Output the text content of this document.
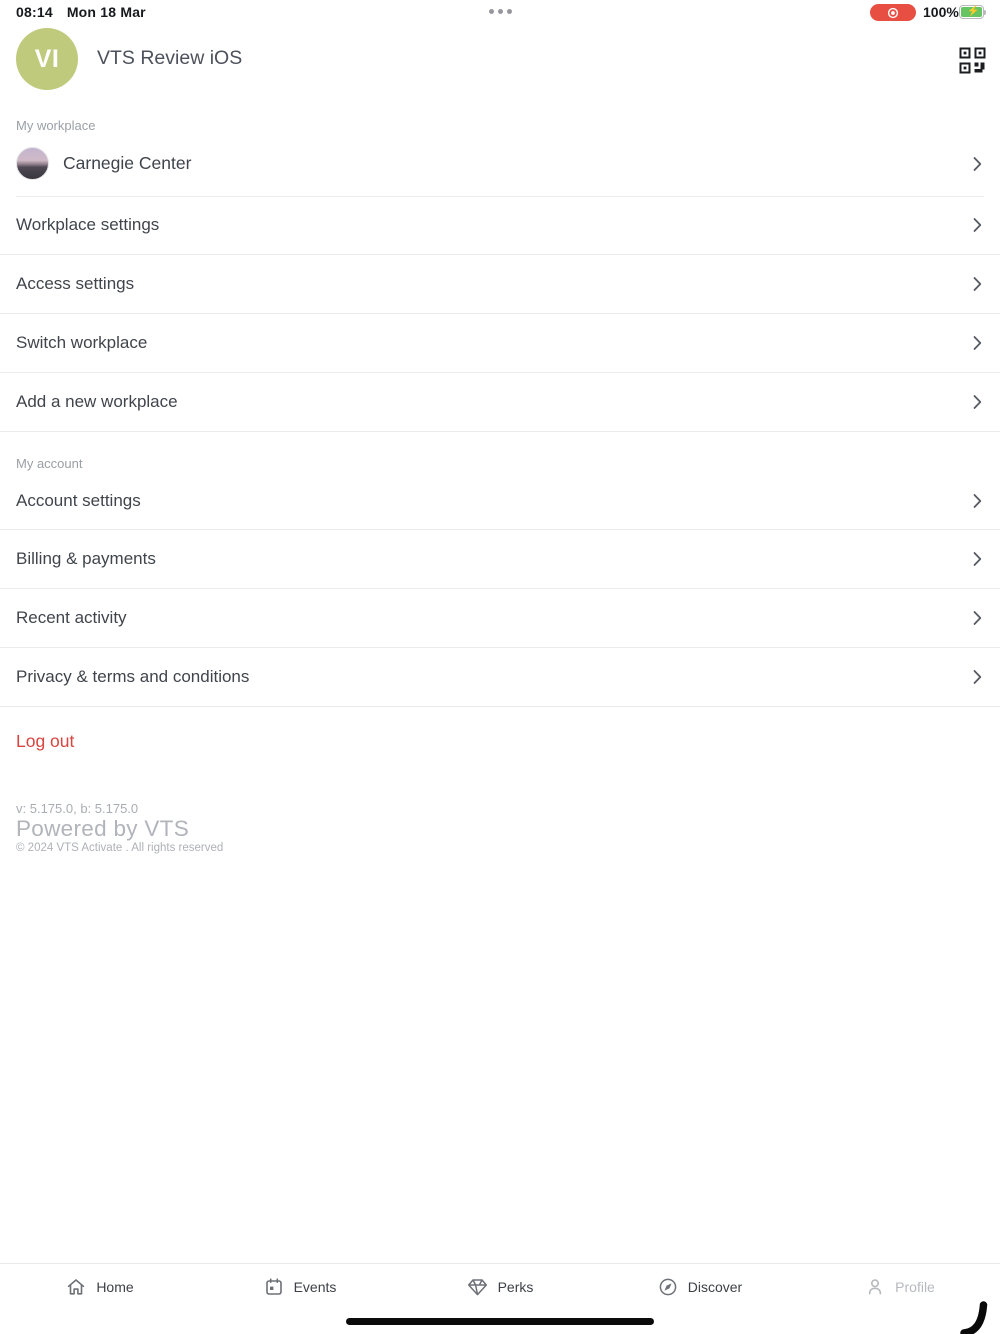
08:14 Mon 18 Mar	100% ⚡
VI VTS Review iOS
My workplace
Carnegie Center
Workplace settings
Access settings
Switch workplace
Add a new workplace
My account
Account settings
Billing & payments
Recent activity
Privacy & terms and conditions
Log out
v: 5.175.0, b: 5.175.0
Powered by VTS
© 2024 VTS Activate . All rights reserved
Home	Events	Perks	Discover	Profile
